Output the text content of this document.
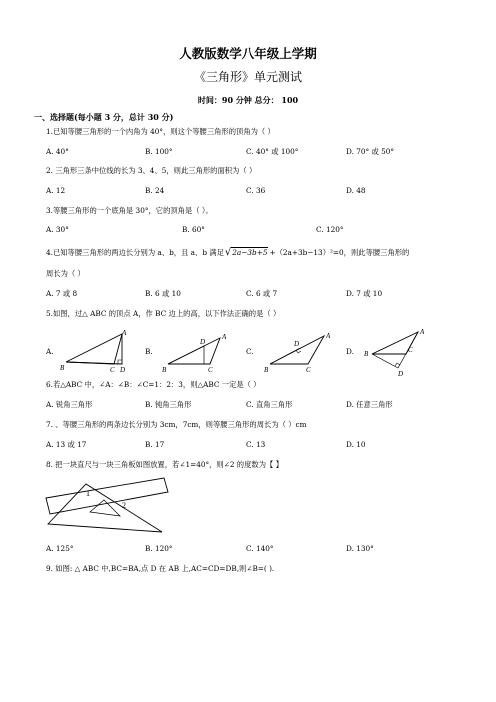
人教版数学八年级上学期
《三角形》单元测试
时间：90 分钟 总分： 100
一、选择题(每小题 3 分，总计 30 分)
1.已知等腰三角形的一个内角为 40°，则这个等腰三角形的顶角为（ ）
A. 40°	B. 100°	C. 40° 或 100°	D. 70° 或 50°
2. 三角形三条中位线的长为 3、4、5，则此三角形的面积为（ ）
A. 12	B. 24	C. 36	D. 48
3.等腰三角形的一个底角是 30°，它的顶角是（ ）。
A. 30°	B. 60°	C. 120°
4.已知等腰三角形的两边长分别为 a、b，且 a、b 满足√2a−3b+5 +（2a+3b−13）²=0，则此等腰三角形的
周长为（ ）
A. 7 或 8	B. 6 或 10	C. 6 或 7	D. 7 或 10
5.如图，过△ ABC 的顶点 A，作 BC 边上的高，以下作法正确的是（ ）
A.	B.	C.	D.
A
B	C D
A
B	C
D
A
B	C
D
A
B	C
D
6.若△ABC 中，∠A：∠B：∠C=1：2：3，则△ABC 一定是（ ）
A. 锐角三角形	B. 钝角三角形	C. 直角三角形	D. 任意三角形
7. 、等腰三角形的两条边长分别为 3cm，7cm，则等腰三角形的周长为（ ）cm
A. 13 或 17	B. 17	C. 13	D. 10
8. 把一块直尺与一块三角板如图放置，若∠1=40°，则∠2 的度数为【 】
1
2
A. 125°	B. 120°	C. 140°	D. 130°
9. 如图: △ ABC 中,BC=BA,点 D 在 AB 上,AC=CD=DB,则∠B=( ).
